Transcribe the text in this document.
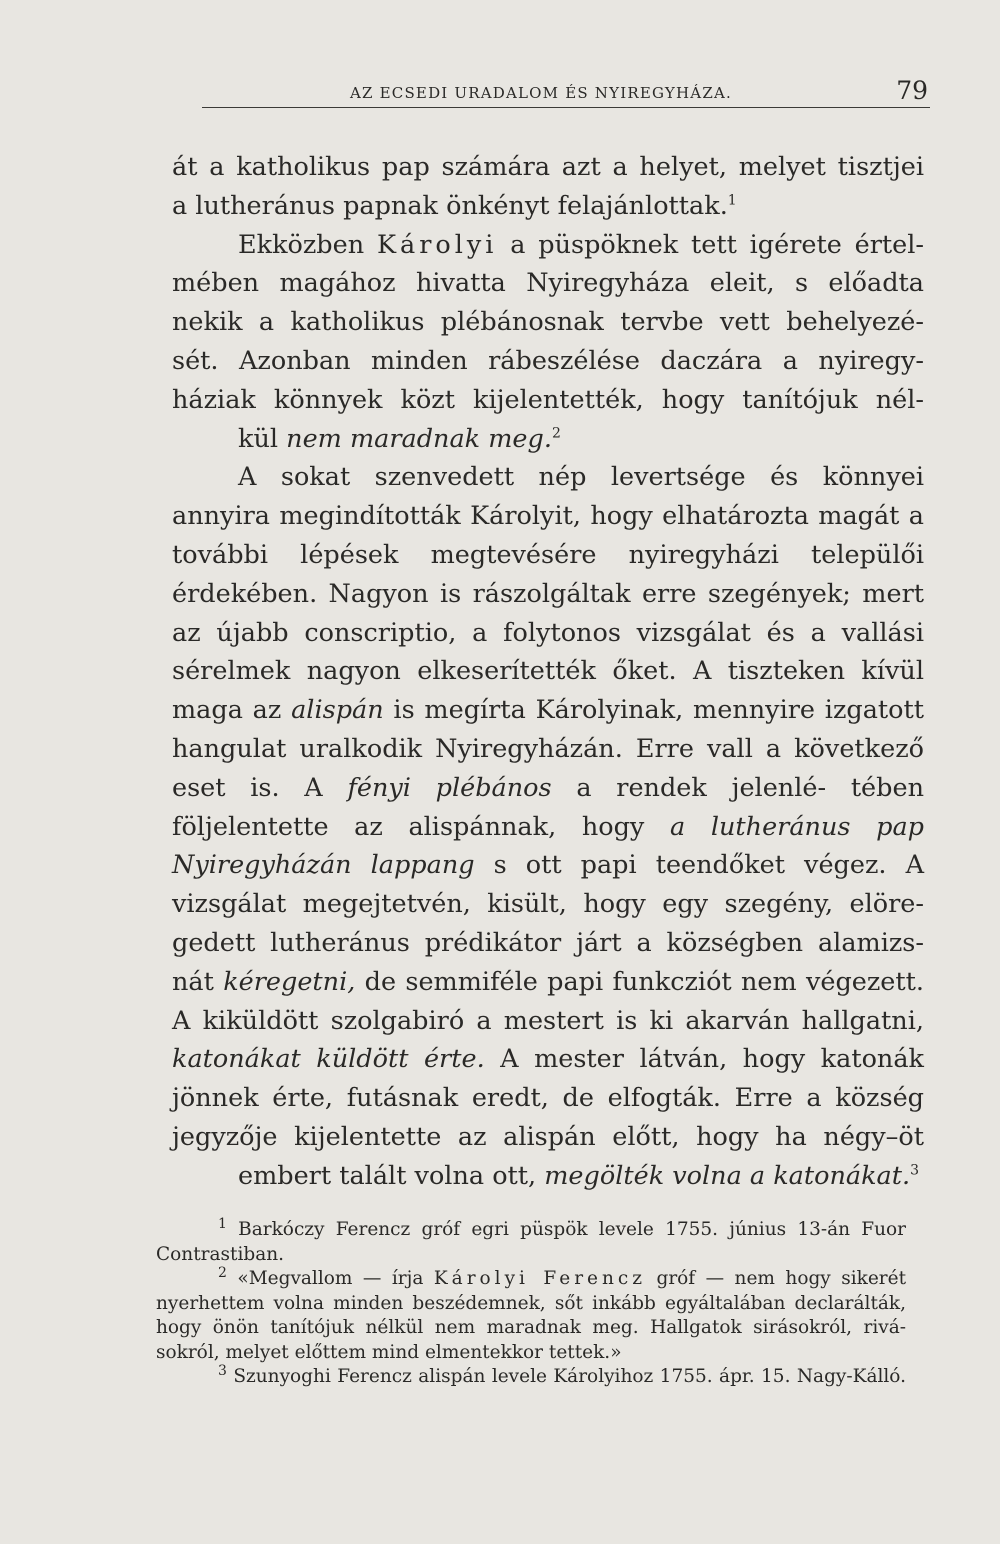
AZ ECSEDI URADALOM ÉS NYIREGYHÁZA.	79

át a katholikus pap számára azt a helyet, melyet tisztjei
a lutheránus papnak önkényt felajánlottak.$^1$

Ekközben Károlyi a püspöknek tett igérete értel- mében magához hivatta Nyiregyháza eleit, s előadta nekik a katholikus plébánosnak tervbe vett behelyezé- sét. Azonban minden rábeszélése daczára a nyiregy- háziak könnyek közt kijelentették, hogy tanítójuk nél-
kül nem maradnak meg.$^2$

A sokat szenvedett nép levertsége és könnyei annyira megindították Károlyit, hogy elhatározta magát a további lépések megtevésére nyiregyházi települői érdekében. Nagyon is rászolgáltak erre szegények; mert az újabb conscriptio, a folytonos vizsgálat és a vallási sérelmek nagyon elkeserítették őket. A tiszteken kívül maga az alispán is megírta Károlyinak, mennyire izgatott hangulat uralkodik Nyiregyházán. Erre vall a következő eset is. A fényi plébános a rendek jelenlé- tében följelentette az alispánnak, hogy a lutheránus pap Nyiregyházán lappang s ott papi teendőket végez. A vizsgálat megejtetvén, kisült, hogy egy szegény, elöre- gedett lutheránus prédikátor járt a községben alamizs- nát kéregetni, de semmiféle papi funkcziót nem végezett. A kiküldött szolgabiró a mestert is ki akarván hallgatni, katonákat küldött érte. A mester látván, hogy katonák jönnek érte, futásnak eredt, de elfogták. Erre a község jegyzője kijelentette az alispán előtt, hogy ha négy–öt
embert talált volna ott, megölték volna a katonákat.$^3$

$^1$ Barkóczy Ferencz gróf egri püspök levele 1755. június 13-án Fuor
Contrastiban.

$^2$ «Megvallom — írja Károlyi Ferencz gróf — nem hogy sikerét nyerhettem volna minden beszédemnek, sőt inkább egyáltalában declarálták, hogy önön tanítójuk nélkül nem maradnak meg. Hallgatok sirásokról, rivá-
sokról, melyet előttem mind elmentekkor tettek.»

$^3$ Szunyoghi Ferencz alispán levele Károlyihoz 1755. ápr. 15. Nagy-Kálló.
